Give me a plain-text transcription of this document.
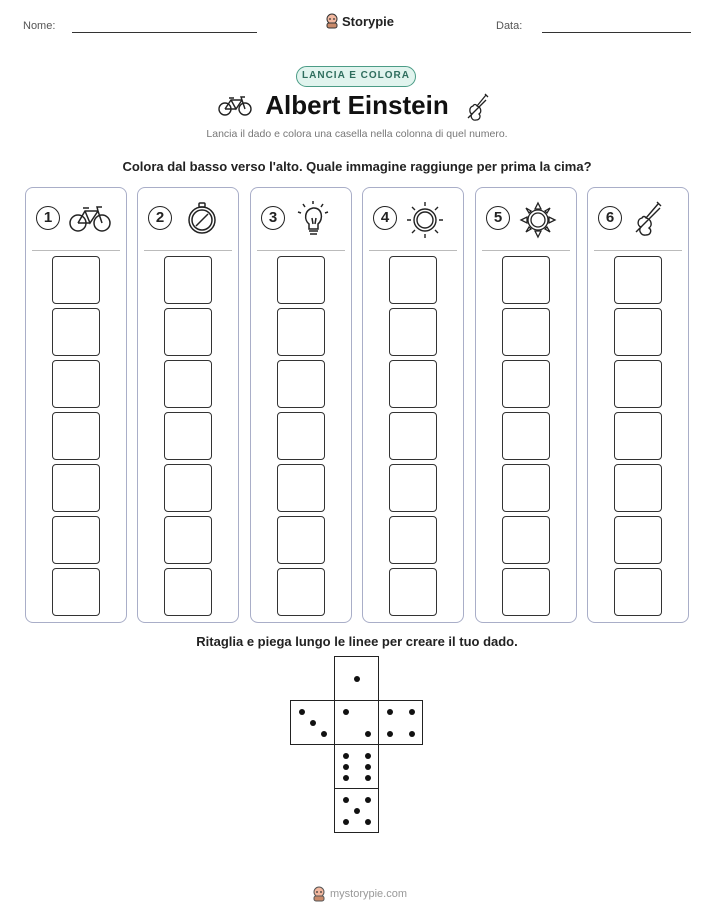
Nome:	Storypie	Data:
LANCIA E COLORA
Albert Einstein
Lancia il dado e colora una casella nella colonna di quel numero.
Colora dal basso verso l'alto. Quale immagine raggiunge per prima la cima?
1	2	3	4	5	6
Ritaglia e piega lungo le linee per creare il tuo dado.
mystorypie.com
